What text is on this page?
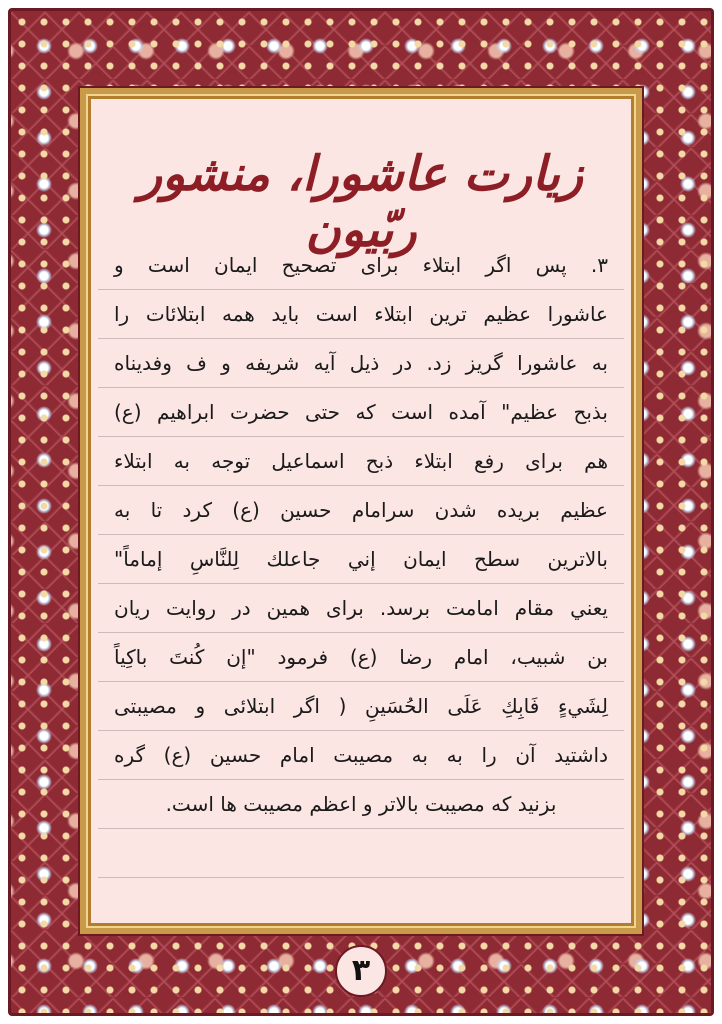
زیارت عاشورا، منشور ربّیون
۳. پس اگر ابتلاء برای تصحیح ایمان است و
عاشورا عظیم ترین ابتلاء است باید همه ابتلائات را
به عاشورا گریز زد. در ذیل آیه شریفه و ف وفدیناه
بذبح عظیم" آمده است که حتی حضرت ابراهیم (ع)
هم برای رفع ابتلاء ذبح اسماعیل توجه به ابتلاء
عظیم بریده شدن سرامام حسین (ع) کرد تا به
بالاترین سطح ایمان إني جاعلك لِلنَّاسِ إماماً"
يعني مقام امامت برسد. برای همین در روایت ریان
بن شبیب، امام رضا (ع) فرمود "إن كُنتَ باكِياً
لِشَيءٍ فَابِكِ عَلَى الحُسَينِ ( اگر ابتلائی و مصیبتی
داشتید آن را به به مصیبت امام حسین (ع) گره
بزنید که مصیبت بالاتر و اعظم مصیبت ها است.
۳
